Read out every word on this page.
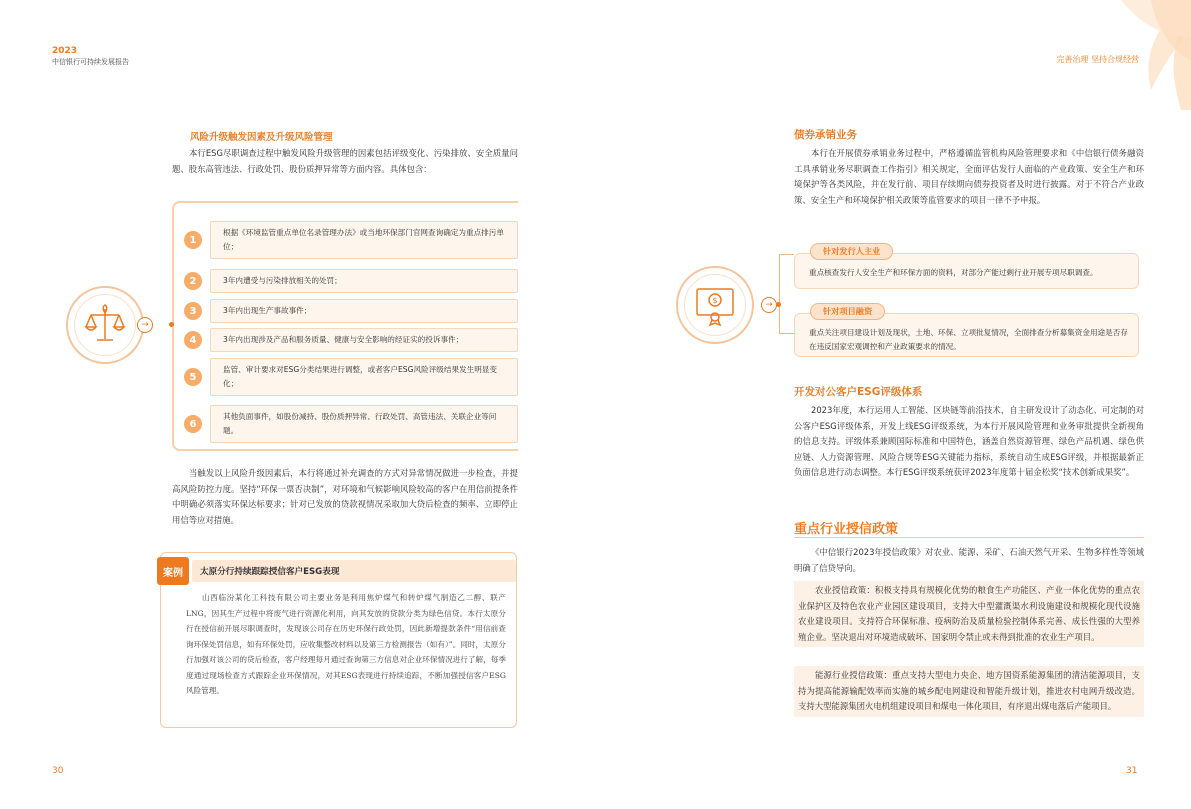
2023
中信银行可持续发展报告	完善治理 坚持合规经营
风险升级触发因素及升级风险管理
本行ESG尽职调查过程中触发风险升级管理的因素包括评级变化、污染排放、安全质量问题、股东高管违法、行政处罚、股份质押异常等方面内容。具体包含：
→
1
根据《环境监管重点单位名录管理办法》或当地环保部门官网查询确定为重点排污单位；
2	3年内遭受与污染排放相关的处罚；
3	3年内出现生产事故事件；
4	3年内出现涉及产品和服务质量、健康与安全影响的经证实的投诉事件；
5
监管、审计要求对ESG分类结果进行调整，或者客户ESG风险评级结果发生明显变化；
6
其他负面事件，如股份减持、股份质押异常、行政处罚、高管违法、关联企业等问题。
当触发以上风险升级因素后，本行将通过补充调查的方式对异常情况做进一步检查，并提高风险防控力度。坚持“环保一票否决制”，对环境和气候影响风险较高的客户在用信前提条件中明确必须落实环保达标要求；针对已发放的贷款视情况采取加大贷后检查的频率、立即停止用信等应对措施。
太原分行持续跟踪授信客户ESG表现
案例
山西临汾某化工科技有限公司主要业务是利用焦炉煤气和转炉煤气制造乙二醇、联产LNG，因其生产过程中将废气进行资源化利用，向其发放的贷款分类为绿色信贷。本行太原分行在授信前开展尽职调查时，发现该公司存在历史环保行政处罚，因此新增提款条件“用信前查询环保处罚信息，如有环保处罚，应收集整改材料以及第三方检测报告（如有）”。同时，太原分行加强对该公司的贷后检查，客户经理每月通过查询第三方信息对企业环保情况进行了解，每季度通过现场检查方式跟踪企业环保情况，对其ESG表现进行持续追踪，不断加强授信客户ESG风险管理。
30
债券承销业务
本行在开展债券承销业务过程中，严格遵循监管机构风险管理要求和《中信银行债务融资工具承销业务尽职调查工作指引》相关规定，全面评估发行人面临的产业政策、安全生产和环境保护等各类风险，并在发行前、项目存续期向债券投资者及时进行披露。对于不符合产业政策、安全生产和环境保护相关政策等监管要求的项目一律不予申报。
$	→
重点核查发行人安全生产和环保方面的资料，对部分产能过剩行业开展专项尽职调查。
针对发行人主业
重点关注项目建设计划及现状，土地、环保、立项批复情况，全面排查分析募集资金用途是否存在违反国家宏观调控和产业政策要求的情况。
针对项目融资
开发对公客户ESG评级体系
2023年度，本行运用人工智能、区块链等前沿技术，自主研发设计了动态化、可定制的对公客户ESG评级体系，开发上线ESG评级系统，为本行开展风险管理和业务审批提供全新视角的信息支持。评级体系兼顾国际标准和中国特色，涵盖自然资源管理、绿色产品机遇、绿色供应链、人力资源管理、风险合规等ESG关键能力指标，系统自动生成ESG评级，并根据最新正负面信息进行动态调整。本行ESG评级系统获评2023年度第十届金松奖“技术创新成果奖”。
重点行业授信政策
《中信银行2023年授信政策》对农业、能源、采矿、石油天然气开采、生物多样性等领域明确了信贷导向。
农业授信政策：积极支持具有规模化优势的粮食生产功能区、产业一体化优势的重点农业保护区及特色农业产业园区建设项目，支持大中型灌溉渠水利设施建设和规模化现代设施农业建设项目。支持符合环保标准、疫病防治及质量检验控制体系完善、成长性强的大型养殖企业。坚决退出对环境造成破坏、国家明令禁止或未得到批准的农业生产项目。
能源行业授信政策：重点支持大型电力央企、地方国资系能源集团的清洁能源项目，支持为提高能源输配效率而实施的城乡配电网建设和智能升级计划，推进农村电网升级改造。支持大型能源集团火电机组建设项目和煤电一体化项目，有序退出煤电落后产能项目。
31
